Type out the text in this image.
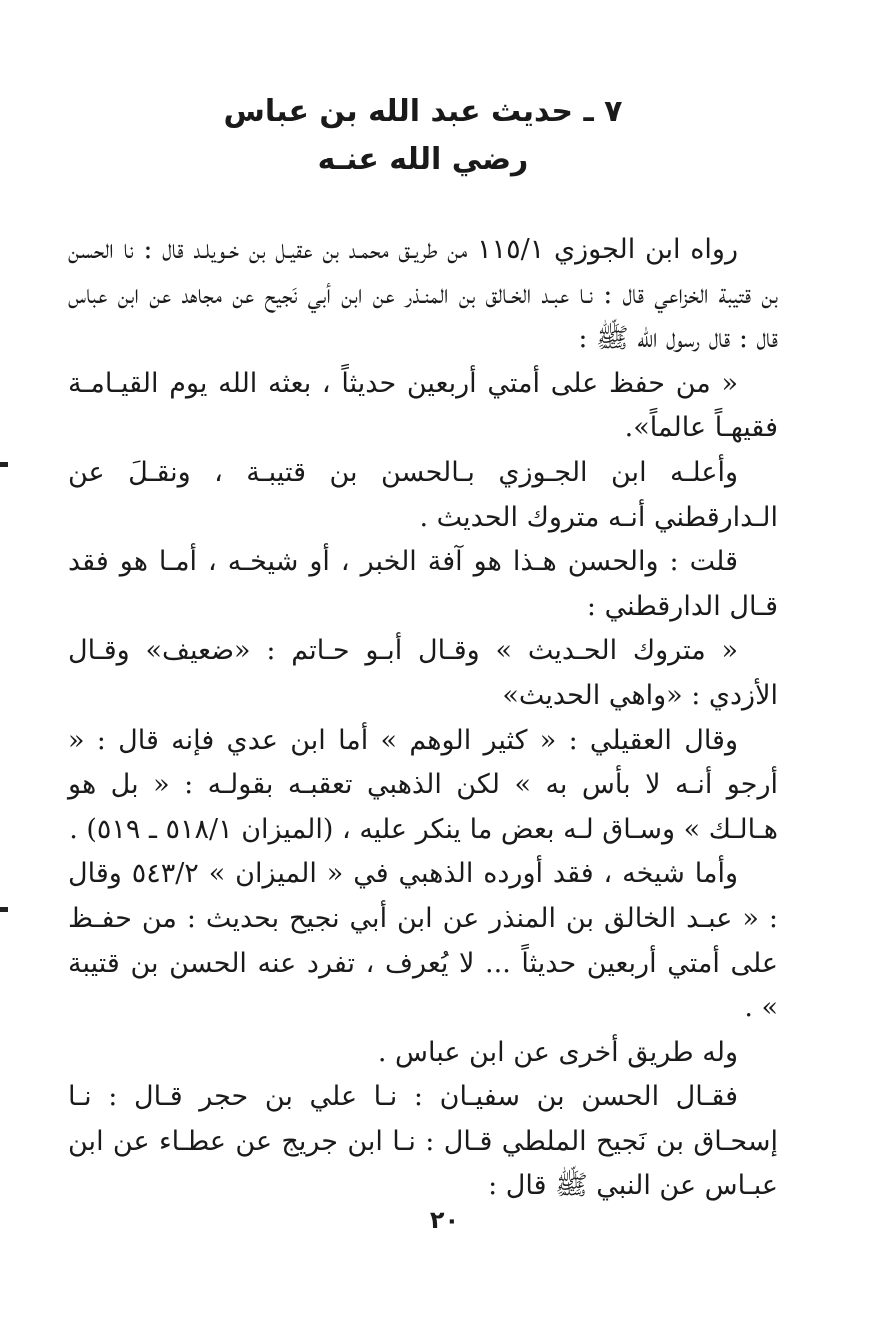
٧ ـ حديث عبد الله بن عباس
رضي الله عنـه

رواه ابن الجوزي ١١٥/١ من طريـق محمـد بن عقيـل بن خـويلـد قال : نا الحسن بن قتيبة الخزاعي قال : نـا عبـد الخـالق بن المنـذر عن ابن أبي نَجيح عن مجاهد عن ابن عباس قال : قال رسول الله ﷺ :

« من حفظ على أمتي أربعين حديثاً ، بعثه الله يوم القيـامـة فقيهـاً عالماً».

وأعلـه ابن الجـوزي بـالحسن بن قتيبـة ، ونقـلَ عن الـدارقطني أنـه متروك الحديث .

قلت : والحسن هـذا هو آفة الخبر ، أو شيخـه ، أمـا هو فقد قـال الدارقطني :

« متروك الحـديث » وقـال أبـو حـاتم : «ضعيف» وقـال الأزدي : «واهي الحديث»

وقال العقيلي : « كثير الوهم » أما ابن عدي فإنه قال : « أرجو أنـه لا بأس به » لكن الذهبي تعقبـه بقولـه : « بل هو هـالـك » وسـاق لـه بعض ما ينكر عليه ، (الميزان ٥١٨/١ ـ ٥١٩) .

وأما شيخه ، فقد أورده الذهبي في « الميزان » ٥٤٣/٢ وقال : « عبـد الخالق بن المنذر عن ابن أبي نجيح بحديث : من حفـظ على أمتي أربعين حديثاً ... لا يُعرف ، تفرد عنه الحسن بن قتيبة » .

وله طريق أخرى عن ابن عباس .

فقـال الحسن بن سفيـان : نـا علي بن حجر قـال : نـا إسحـاق بن نَجيح الملطي قـال : نـا ابن جريج عن عطـاء عن ابن عبـاس عن النبي ﷺ قال :

٢٠
